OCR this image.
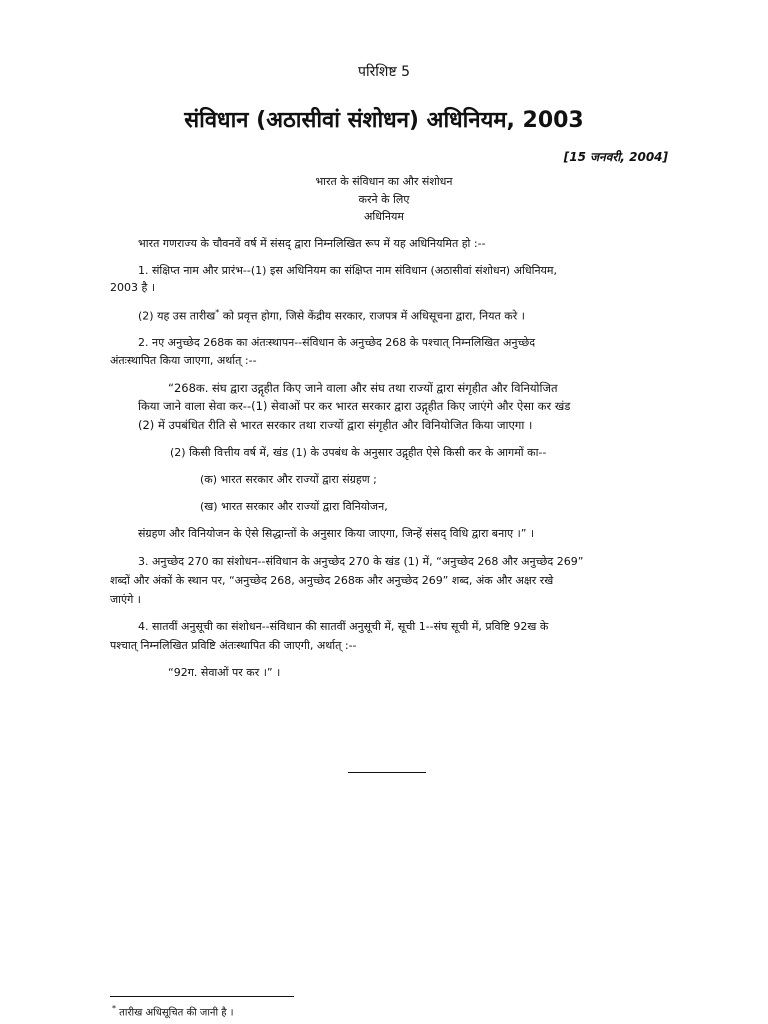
परिशिष्ट 5
संविधान (अठासीवां संशोधन) अधिनियम, 2003
[15 जनवरी, 2004]
भारत के संविधान का और संशोधन
करने के लिए
अधिनियम
भारत गणराज्य के चौवनवें वर्ष में संसद् द्वारा निम्नलिखित रूप में यह अधिनियमित हो :--
1. संक्षिप्त नाम और प्रारंभ--(1) इस अधिनियम का संक्षिप्त नाम संविधान (अठासीवां संशोधन) अधिनियम,
2003 है ।
(2) यह उस तारीख* को प्रवृत्त होगा, जिसे केंद्रीय सरकार, राजपत्र में अधिसूचना द्वारा, नियत करे ।
2. नए अनुच्छेद 268क का अंतःस्थापन--संविधान के अनुच्छेद 268 के पश्चात् निम्नलिखित अनुच्छेद
अंतःस्थापित किया जाएगा, अर्थात् :--
“268क. संघ द्वारा उद्गृहीत किए जाने वाला और संघ तथा राज्यों द्वारा संगृहीत और विनियोजित
किया जाने वाला सेवा कर--(1) सेवाओं पर कर भारत सरकार द्वारा उद्गृहीत किए जाएंगे और ऐसा कर खंड
(2) में उपबंधित रीति से भारत सरकार तथा राज्यों द्वारा संगृहीत और विनियोजित किया जाएगा ।
(2) किसी वित्तीय वर्ष में, खंड (1) के उपबंध के अनुसार उद्गृहीत ऐसे किसी कर के आगमों का--
(क) भारत सरकार और राज्यों द्वारा संग्रहण ;
(ख) भारत सरकार और राज्यों द्वारा विनियोजन,
संग्रहण और विनियोजन के ऐसे सिद्धान्तों के अनुसार किया जाएगा, जिन्हें संसद् विधि द्वारा बनाए ।” ।
3. अनुच्छेद 270 का संशोधन--संविधान के अनुच्छेद 270 के खंड (1) में, “अनुच्छेद 268 और अनुच्छेद 269”
शब्दों और अंकों के स्थान पर, “अनुच्छेद 268, अनुच्छेद 268क और अनुच्छेद 269” शब्द, अंक और अक्षर रखे
जाएंगे ।
4. सातवीं अनुसूची का संशोधन--संविधान की सातवीं अनुसूची में, सूची 1--संघ सूची में, प्रविष्टि 92ख के
पश्चात् निम्नलिखित प्रविष्टि अंतःस्थापित की जाएगी, अर्थात् :--
“92ग. सेवाओं पर कर ।” ।
* तारीख अधिसूचित की जानी है ।
